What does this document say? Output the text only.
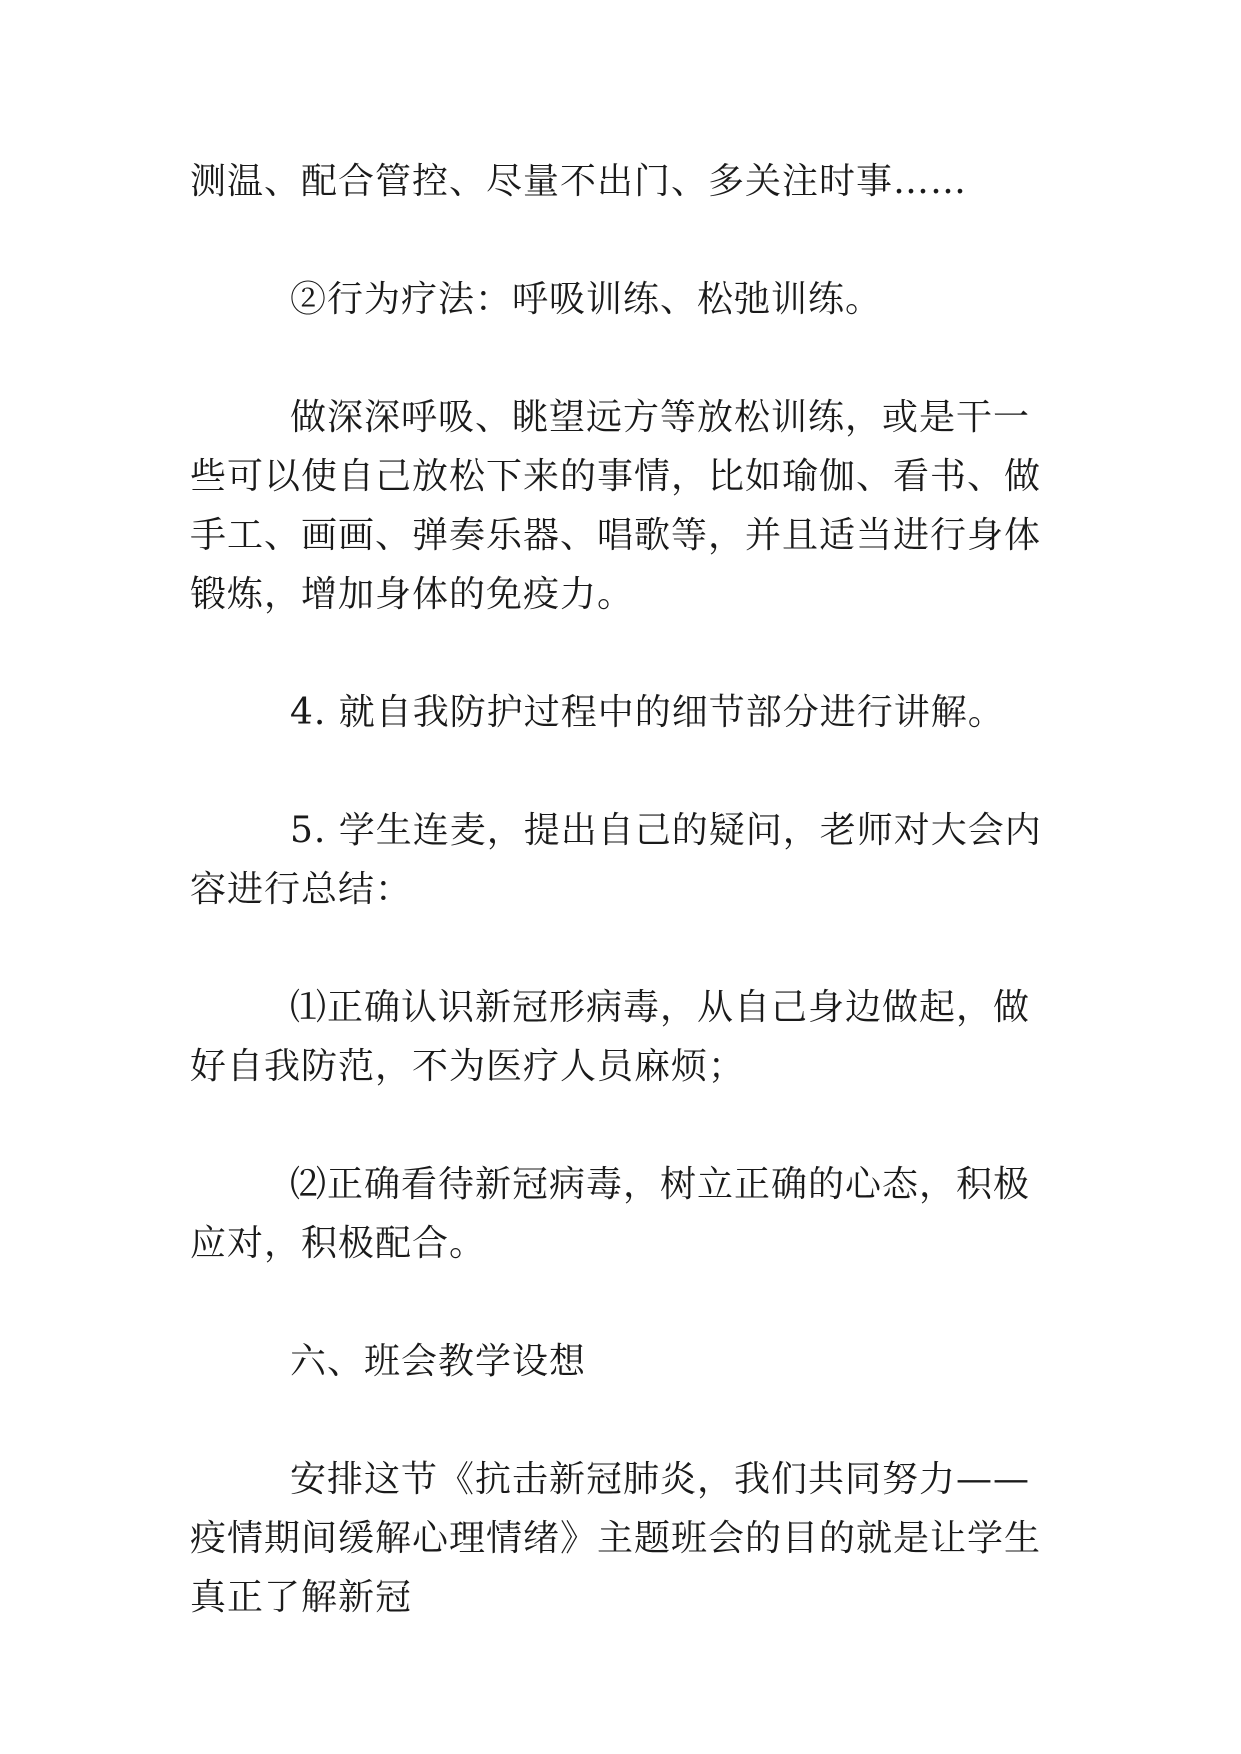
测温、配合管控、尽量不出门、多关注时事……

②行为疗法：呼吸训练、松弛训练。

做深深呼吸、眺望远方等放松训练，或是干一些可以使自己放松下来的事情，比如瑜伽、看书、做手工、画画、弹奏乐器、唱歌等，并且适当进行身体锻炼，增加身体的免疫力。

4. 就自我防护过程中的细节部分进行讲解。

5. 学生连麦，提出自己的疑问，老师对大会内容进行总结：

⑴正确认识新冠形病毒，从自己身边做起，做好自我防范，不为医疗人员麻烦；

⑵正确看待新冠病毒，树立正确的心态，积极应对，积极配合。

六、班会教学设想

安排这节《抗击新冠肺炎，我们共同努力——疫情期间缓解心理情绪》主题班会的目的就是让学生真正了解新冠
